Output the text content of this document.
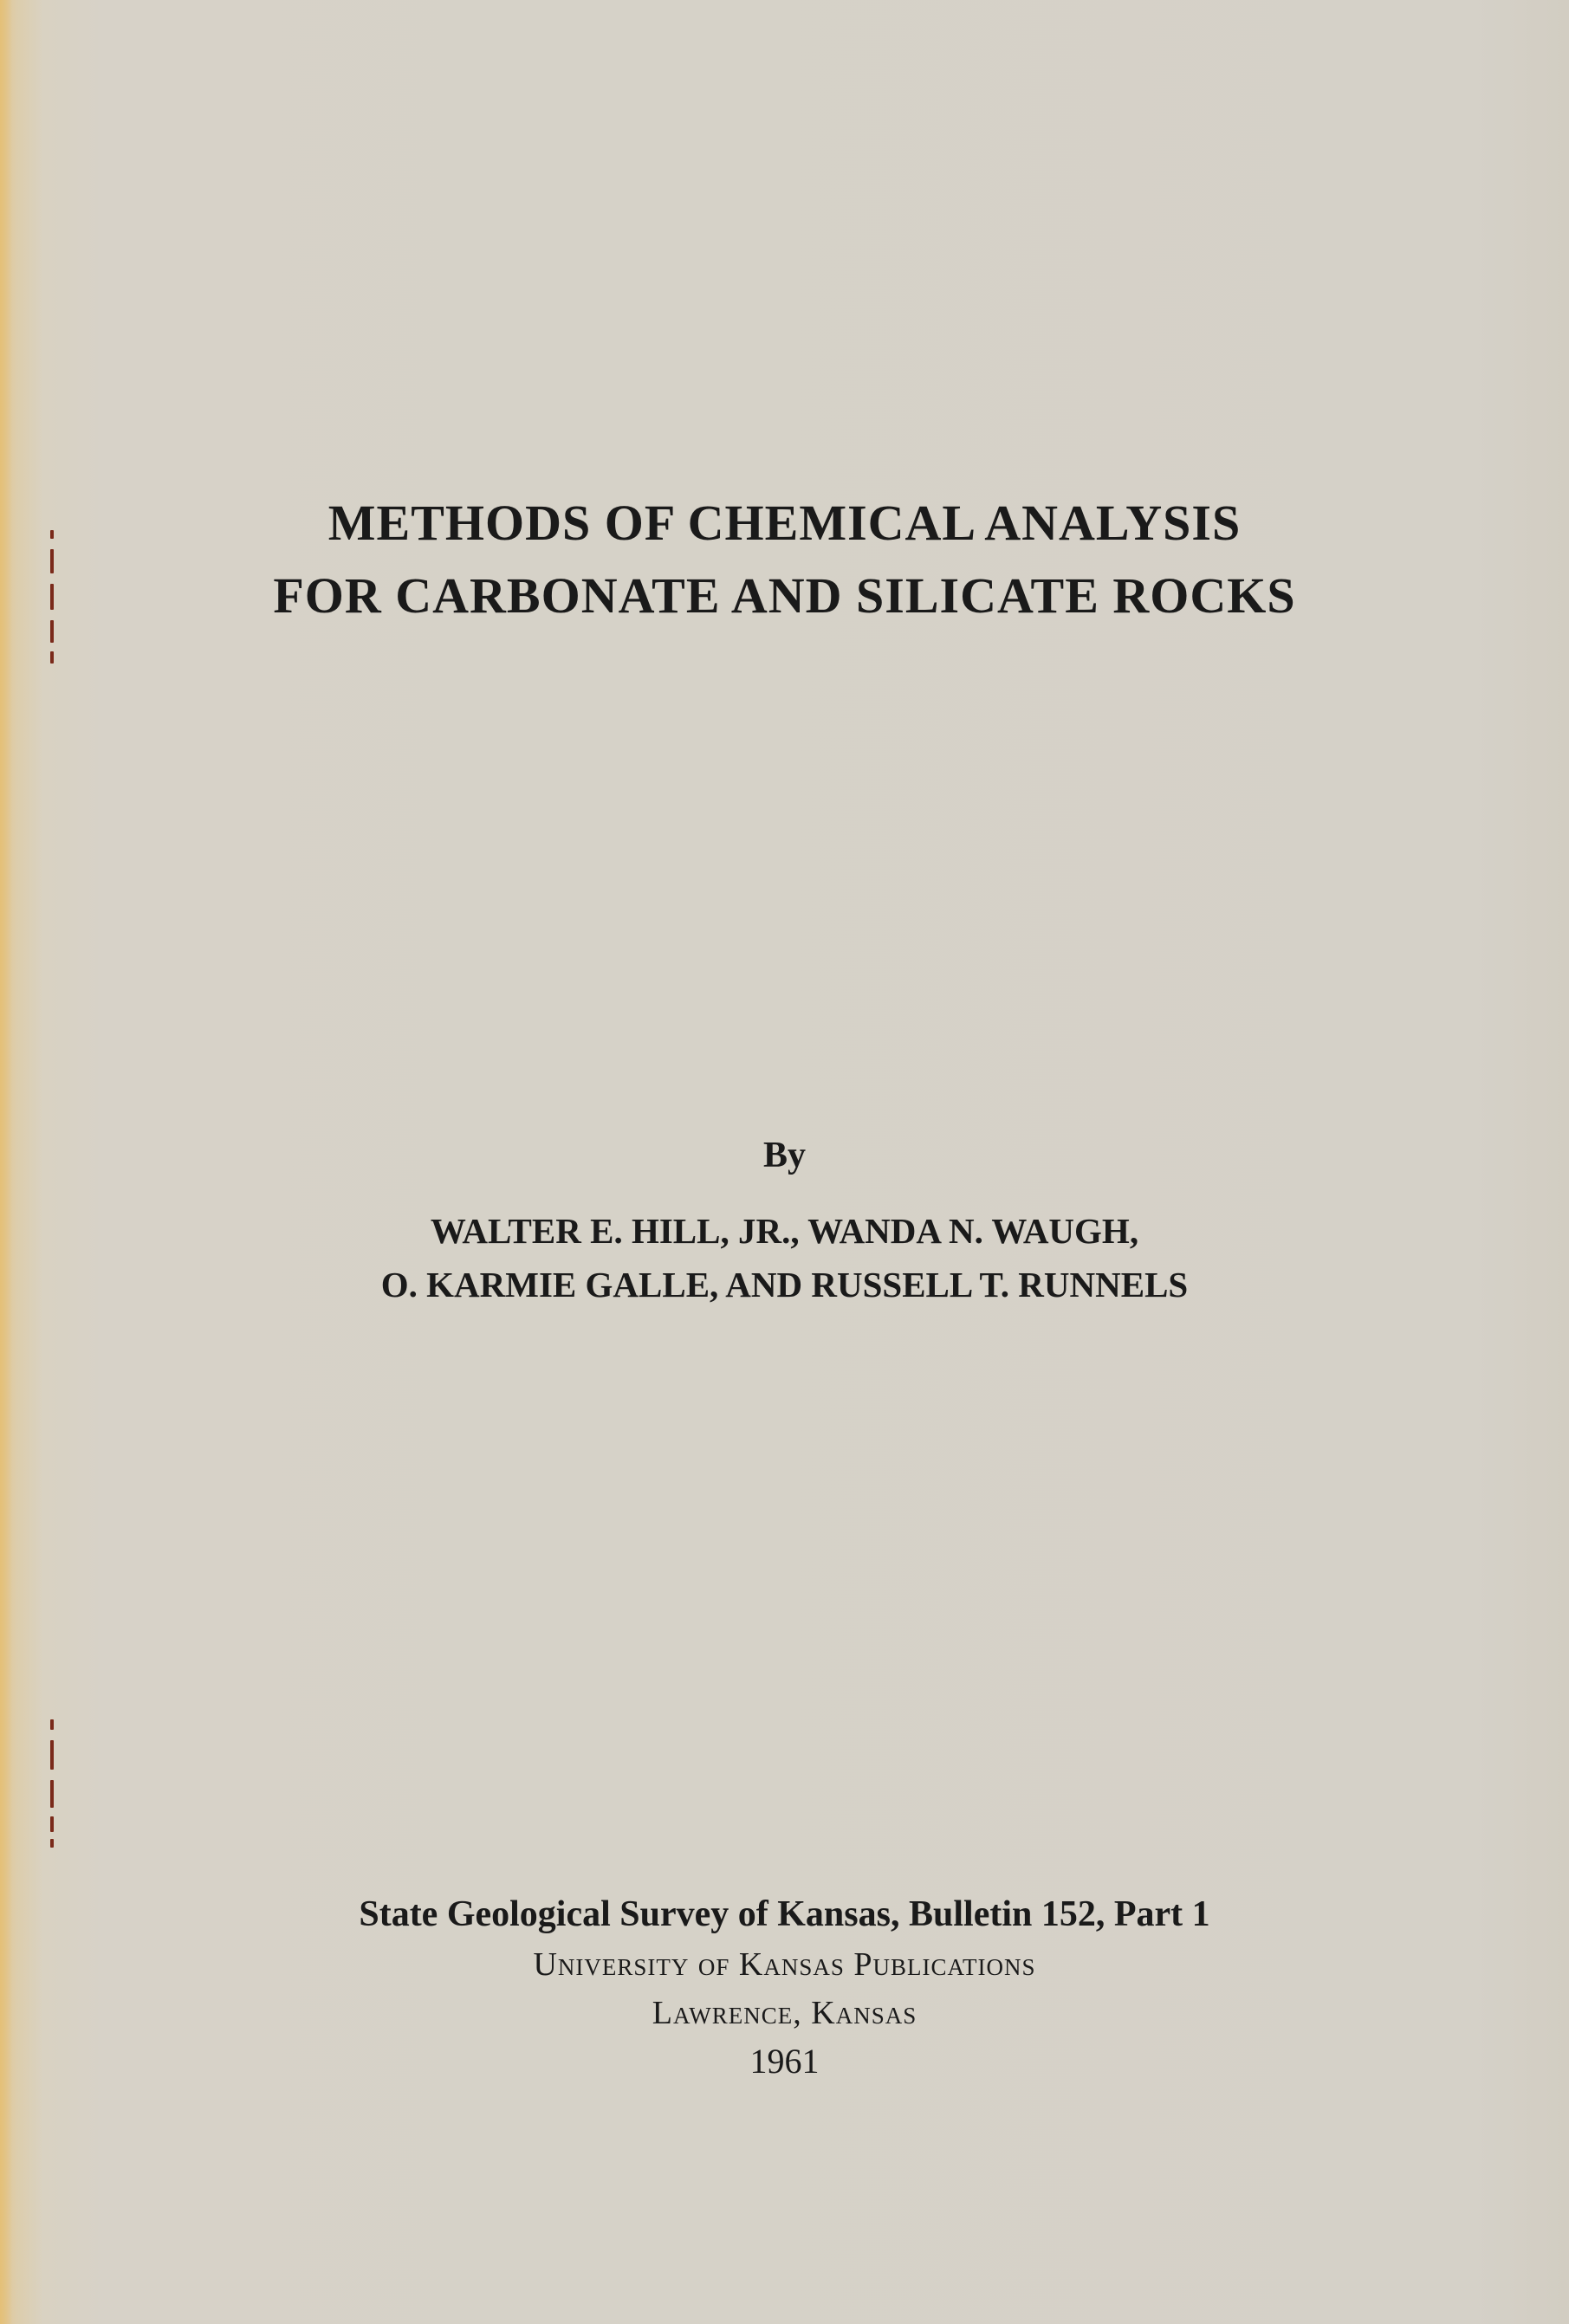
METHODS OF CHEMICAL ANALYSIS
FOR CARBONATE AND SILICATE ROCKS
By
WALTER E. HILL, JR., WANDA N. WAUGH,
O. KARMIE GALLE, AND RUSSELL T. RUNNELS
State Geological Survey of Kansas, Bulletin 152, Part 1
University of Kansas Publications
Lawrence, Kansas
1961
